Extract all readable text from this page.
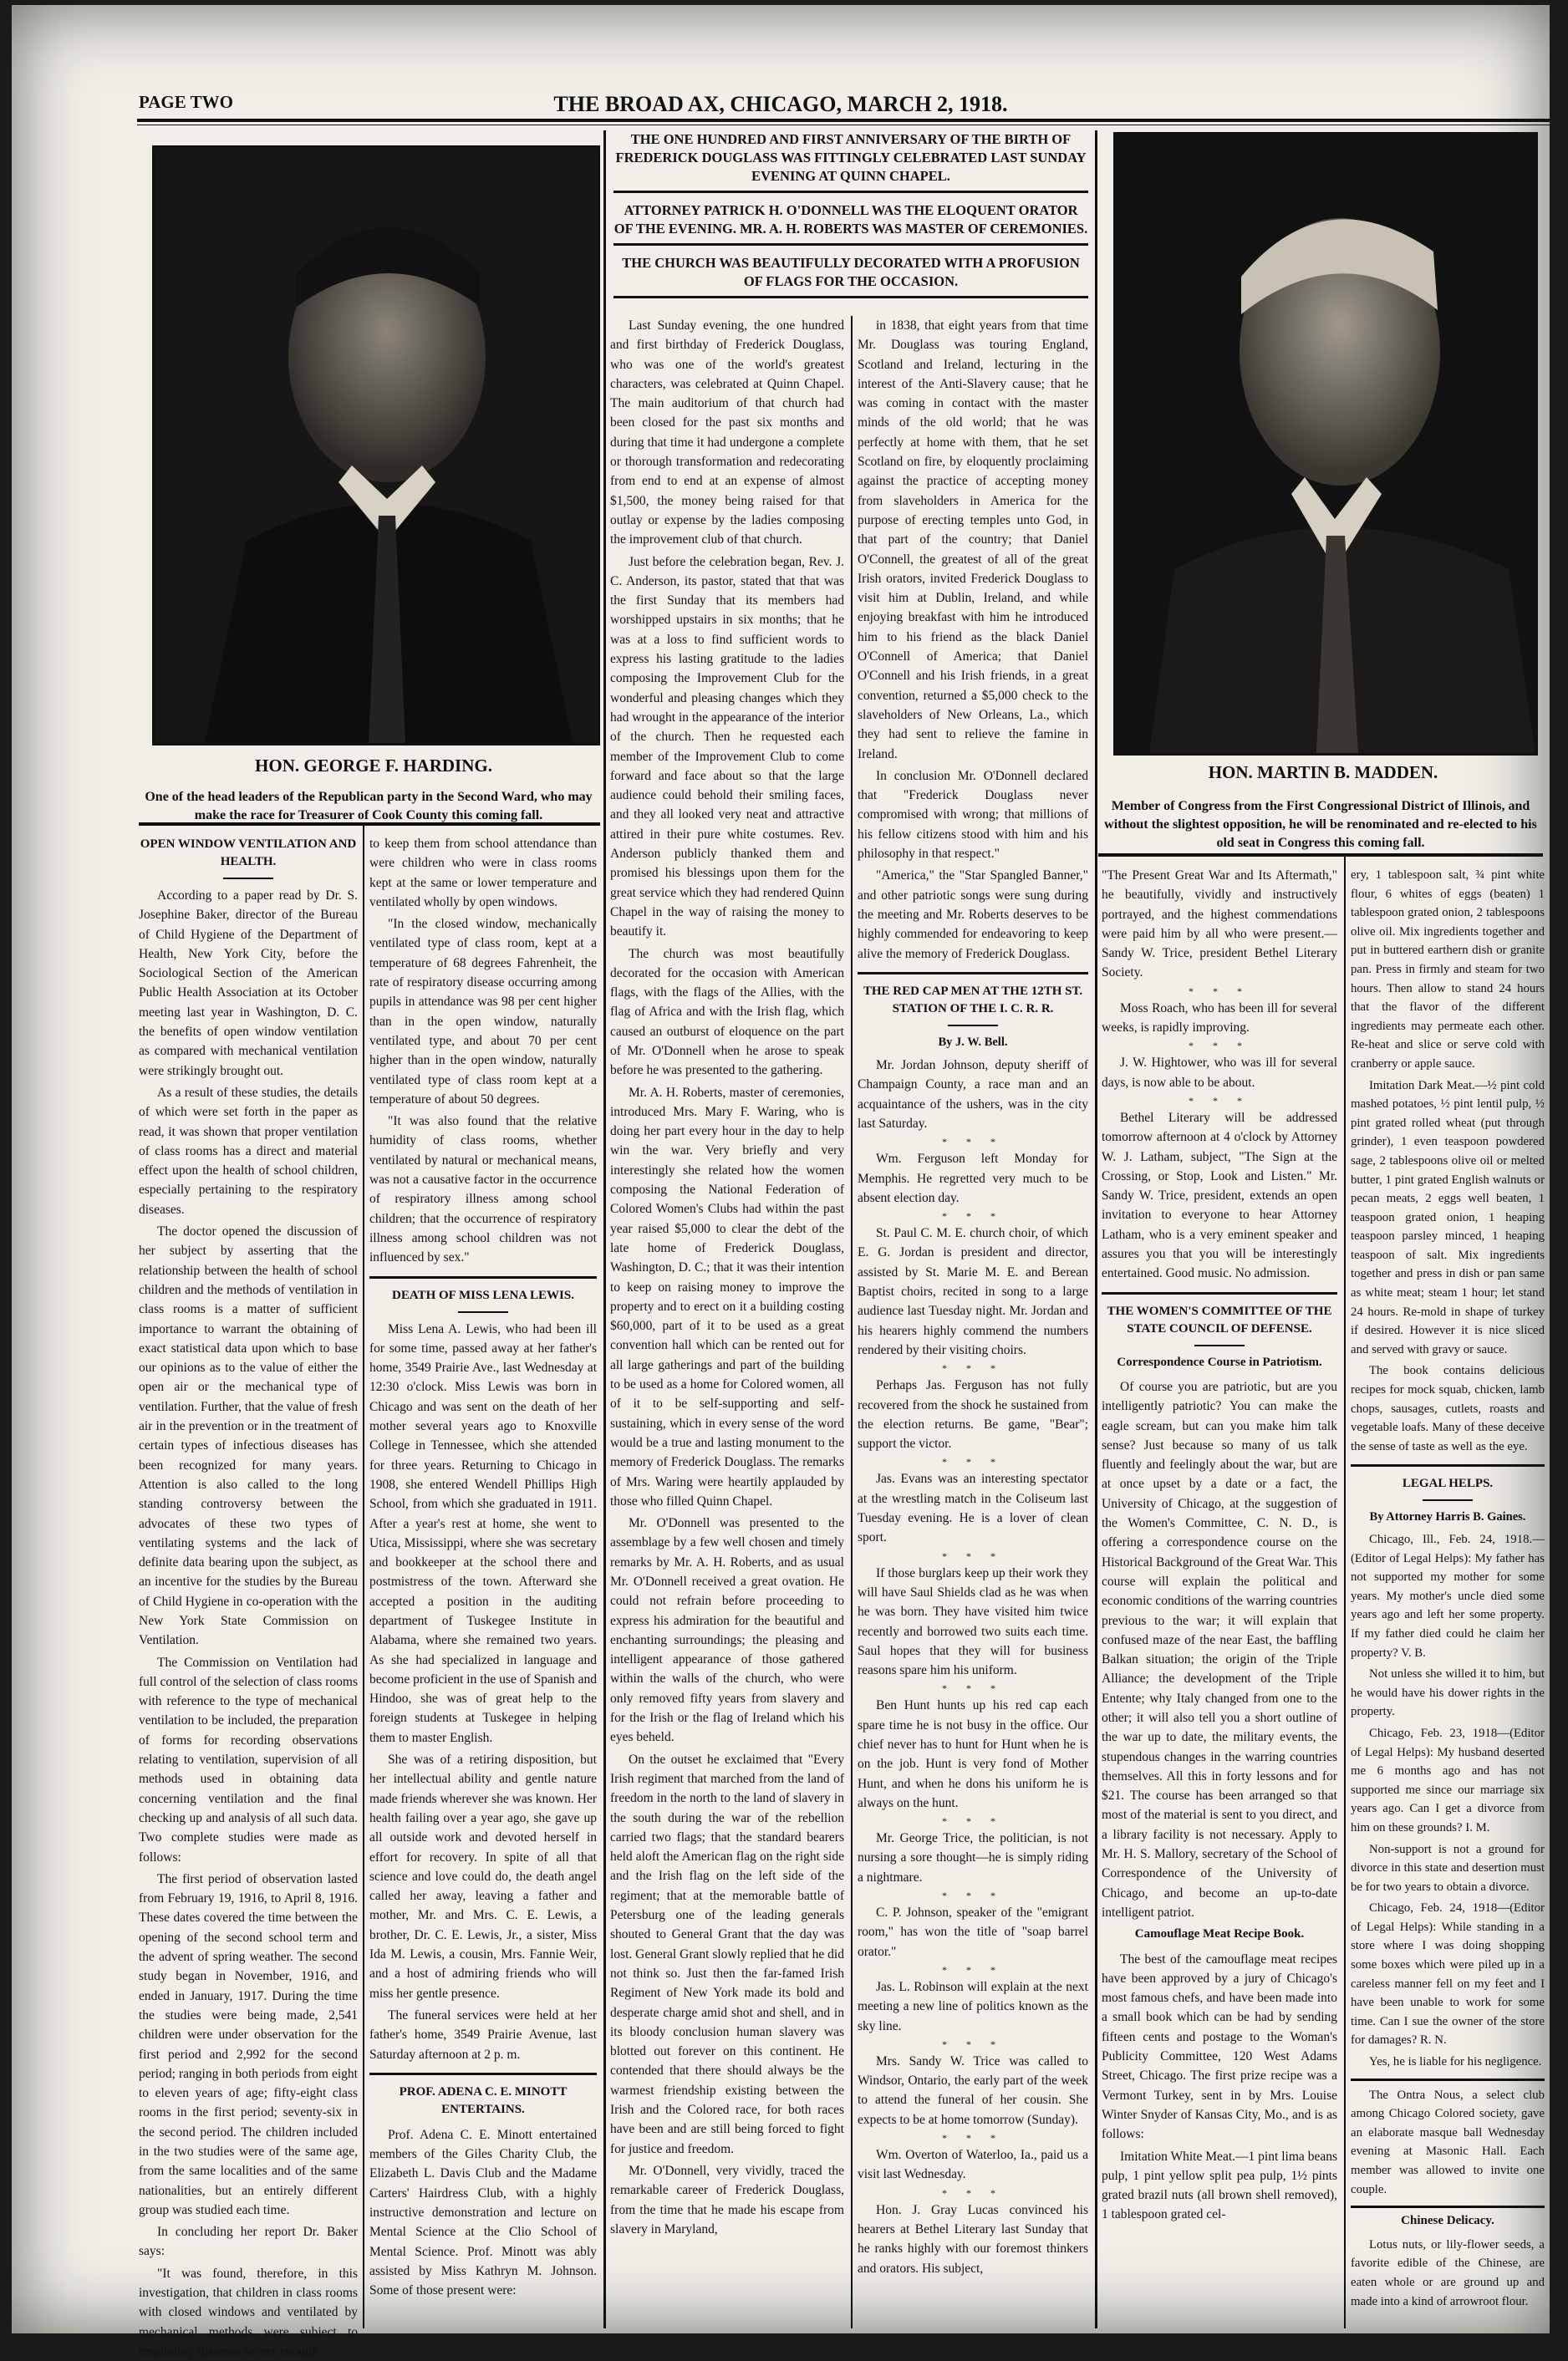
PAGE TWO	THE BROAD AX, CHICAGO, MARCH 2, 1918.
HON. GEORGE F. HARDING.
One of the head leaders of the Republican party in the Second Ward, who may make the race for Treasurer of Cook County this coming fall.
HON. MARTIN B. MADDEN.
Member of Congress from the First Congressional District of Illinois, and without the slightest opposition, he will be renominated and re-elected to his old seat in Congress this coming fall.
THE ONE HUNDRED AND FIRST ANNIVERSARY OF THE BIRTH OF FREDERICK DOUGLASS WAS FITTINGLY CELEBRATED LAST SUNDAY EVENING AT QUINN CHAPEL.
ATTORNEY PATRICK H. O'DONNELL WAS THE ELOQUENT ORATOR OF THE EVENING. MR. A. H. ROBERTS WAS MASTER OF CEREMONIES.
THE CHURCH WAS BEAUTIFULLY DECORATED WITH A PROFUSION OF FLAGS FOR THE OCCASION.

Last Sunday evening, the one hundred and first birthday of Frederick Douglass, who was one of the world's greatest characters, was celebrated at Quinn Chapel. The main auditorium of that church had been closed for the past six months and during that time it had undergone a complete or thorough transformation and redecorating from end to end at an expense of almost $1,500, the money being raised for that outlay or expense by the ladies composing the improvement club of that church.

Just before the celebration began, Rev. J. C. Anderson, its pastor, stated that that was the first Sunday that its members had worshipped upstairs in six months; that he was at a loss to find sufficient words to express his lasting gratitude to the ladies composing the Improvement Club for the wonderful and pleasing changes which they had wrought in the appearance of the interior of the church. Then he requested each member of the Improvement Club to come forward and face about so that the large audience could behold their smiling faces, and they all looked very neat and attractive attired in their pure white costumes. Rev. Anderson publicly thanked them and promised his blessings upon them for the great service which they had rendered Quinn Chapel in the way of raising the money to beautify it.

The church was most beautifully decorated for the occasion with American flags, with the flags of the Allies, with the flag of Africa and with the Irish flag, which caused an outburst of eloquence on the part of Mr. O'Donnell when he arose to speak before he was presented to the gathering.

Mr. A. H. Roberts, master of ceremonies, introduced Mrs. Mary F. Waring, who is doing her part every hour in the day to help win the war. Very briefly and very interestingly she related how the women composing the National Federation of Colored Women's Clubs had within the past year raised $5,000 to clear the debt of the late home of Frederick Douglass, Washington, D. C.; that it was their intention to keep on raising money to improve the property and to erect on it a building costing $60,000, part of it to be used as a great convention hall which can be rented out for all large gatherings and part of the building to be used as a home for Colored women, all of it to be self-supporting and self-sustaining, which in every sense of the word would be a true and lasting monument to the memory of Frederick Douglass. The remarks of Mrs. Waring were heartily applauded by those who filled Quinn Chapel.

Mr. O'Donnell was presented to the assemblage by a few well chosen and timely remarks by Mr. A. H. Roberts, and as usual Mr. O'Donnell received a great ovation. He could not refrain before proceeding to express his admiration for the beautiful and enchanting surroundings; the pleasing and intelligent appearance of those gathered within the walls of the church, who were only removed fifty years from slavery and for the Irish or the flag of Ireland which his eyes beheld.

On the outset he exclaimed that "Every Irish regiment that marched from the land of freedom in the north to the land of slavery in the south during the war of the rebellion carried two flags; that the standard bearers held aloft the American flag on the right side and the Irish flag on the left side of the regiment; that at the memorable battle of Petersburg one of the leading generals shouted to General Grant that the day was lost. General Grant slowly replied that he did not think so. Just then the far-famed Irish Regiment of New York made its bold and desperate charge amid shot and shell, and in its bloody conclusion human slavery was blotted out forever on this continent. He contended that there should always be the warmest friendship existing between the Irish and the Colored race, for both races have been and are still being forced to fight for justice and freedom.

Mr. O'Donnell, very vividly, traced the remarkable career of Frederick Douglass, from the time that he made his escape from slavery in Maryland,

in 1838, that eight years from that time Mr. Douglass was touring England, Scotland and Ireland, lecturing in the interest of the Anti-Slavery cause; that he was coming in contact with the master minds of the old world; that he was perfectly at home with them, that he set Scotland on fire, by eloquently proclaiming against the practice of accepting money from slaveholders in America for the purpose of erecting temples unto God, in that part of the country; that Daniel O'Connell, the greatest of all of the great Irish orators, invited Frederick Douglass to visit him at Dublin, Ireland, and while enjoying breakfast with him he introduced him to his friend as the black Daniel O'Connell of America; that Daniel O'Connell and his Irish friends, in a great convention, returned a $5,000 check to the slaveholders of New Orleans, La., which they had sent to relieve the famine in Ireland.

In conclusion Mr. O'Donnell declared that "Frederick Douglass never compromised with wrong; that millions of his fellow citizens stood with him and his philosophy in that respect."

"America," the "Star Spangled Banner," and other patriotic songs were sung during the meeting and Mr. Roberts deserves to be highly commended for endeavoring to keep alive the memory of Frederick Douglass.

THE RED CAP MEN AT THE 12TH ST. STATION OF THE I. C. R. R.
By J. W. Bell.

Mr. Jordan Johnson, deputy sheriff of Champaign County, a race man and an acquaintance of the ushers, was in the city last Saturday.

* * *

Wm. Ferguson left Monday for Memphis. He regretted very much to be absent election day.

* * *

St. Paul C. M. E. church choir, of which E. G. Jordan is president and director, assisted by St. Marie M. E. and Berean Baptist choirs, recited in song to a large audience last Tuesday night. Mr. Jordan and his hearers highly commend the numbers rendered by their visiting choirs.

* * *

Perhaps Jas. Ferguson has not fully recovered from the shock he sustained from the election returns. Be game, "Bear"; support the victor.

* * *

Jas. Evans was an interesting spectator at the wrestling match in the Coliseum last Tuesday evening. He is a lover of clean sport.

* * *

If those burglars keep up their work they will have Saul Shields clad as he was when he was born. They have visited him twice recently and borrowed two suits each time. Saul hopes that they will for business reasons spare him his uniform.

* * *

Ben Hunt hunts up his red cap each spare time he is not busy in the office. Our chief never has to hunt for Hunt when he is on the job. Hunt is very fond of Mother Hunt, and when he dons his uniform he is always on the hunt.

* * *

Mr. George Trice, the politician, is not nursing a sore thought—he is simply riding a nightmare.

* * *

C. P. Johnson, speaker of the "emigrant room," has won the title of "soap barrel orator."

* * *

Jas. L. Robinson will explain at the next meeting a new line of politics known as the sky line.

* * *

Mrs. Sandy W. Trice was called to Windsor, Ontario, the early part of the week to attend the funeral of her cousin. She expects to be at home tomorrow (Sunday).

* * *

Wm. Overton of Waterloo, Ia., paid us a visit last Wednesday.

* * *

Hon. J. Gray Lucas convinced his hearers at Bethel Literary last Sunday that he ranks highly with our foremost thinkers and orators. His subject,

OPEN WINDOW VENTILATION AND HEALTH.

According to a paper read by Dr. S. Josephine Baker, director of the Bureau of Child Hygiene of the Department of Health, New York City, before the Sociological Section of the American Public Health Association at its October meeting last year in Washington, D. C. the benefits of open window ventilation as compared with mechanical ventilation were strikingly brought out.

As a result of these studies, the details of which were set forth in the paper as read, it was shown that proper ventilation of class rooms has a direct and material effect upon the health of school children, especially pertaining to the respiratory diseases.

The doctor opened the discussion of her subject by asserting that the relationship between the health of school children and the methods of ventilation in class rooms is a matter of sufficient importance to warrant the obtaining of exact statistical data upon which to base our opinions as to the value of either the open air or the mechanical type of ventilation. Further, that the value of fresh air in the prevention or in the treatment of certain types of infectious diseases has been recognized for many years. Attention is also called to the long standing controversy between the advocates of these two types of ventilating systems and the lack of definite data bearing upon the subject, as an incentive for the studies by the Bureau of Child Hygiene in co-operation with the New York State Commission on Ventilation.

The Commission on Ventilation had full control of the selection of class rooms with reference to the type of mechanical ventilation to be included, the preparation of forms for recording observations relating to ventilation, supervision of all methods used in obtaining data concerning ventilation and the final checking up and analysis of all such data. Two complete studies were made as follows:

The first period of observation lasted from February 19, 1916, to April 8, 1916. These dates covered the time between the opening of the second school term and the advent of spring weather. The second study began in November, 1916, and ended in January, 1917. During the time the studies were being made, 2,541 children were under observation for the first period and 2,992 for the second period; ranging in both periods from eight to eleven years of age; fifty-eight class rooms in the first period; seventy-six in the second period. The children included in the two studies were of the same age, from the same localities and of the same nationalities, but an entirely different group was studied each time.

In concluding her report Dr. Baker says:

"It was found, therefore, in this investigation, that children in class rooms with closed windows and ventilated by mechanical methods were subject to respiratory diseases severe enough

to keep them from school attendance than were children who were in class rooms kept at the same or lower temperature and ventilated wholly by open windows.

"In the closed window, mechanically ventilated type of class room, kept at a temperature of 68 degrees Fahrenheit, the rate of respiratory disease occurring among pupils in attendance was 98 per cent higher than in the open window, naturally ventilated type, and about 70 per cent higher than in the open window, naturally ventilated type of class room kept at a temperature of about 50 degrees.

"It was also found that the relative humidity of class rooms, whether ventilated by natural or mechanical means, was not a causative factor in the occurrence of respiratory illness among school children; that the occurrence of respiratory illness among school children was not influenced by sex."

DEATH OF MISS LENA LEWIS.

Miss Lena A. Lewis, who had been ill for some time, passed away at her father's home, 3549 Prairie Ave., last Wednesday at 12:30 o'clock. Miss Lewis was born in Chicago and was sent on the death of her mother several years ago to Knoxville College in Tennessee, which she attended for three years. Returning to Chicago in 1908, she entered Wendell Phillips High School, from which she graduated in 1911. After a year's rest at home, she went to Utica, Mississippi, where she was secretary and bookkeeper at the school there and postmistress of the town. Afterward she accepted a position in the auditing department of Tuskegee Institute in Alabama, where she remained two years. As she had specialized in language and become proficient in the use of Spanish and Hindoo, she was of great help to the foreign students at Tuskegee in helping them to master English.

She was of a retiring disposition, but her intellectual ability and gentle nature made friends wherever she was known. Her health failing over a year ago, she gave up all outside work and devoted herself in effort for recovery. In spite of all that science and love could do, the death angel called her away, leaving a father and mother, Mr. and Mrs. C. E. Lewis, a brother, Dr. C. E. Lewis, Jr., a sister, Miss Ida M. Lewis, a cousin, Mrs. Fannie Weir, and a host of admiring friends who will miss her gentle presence.

The funeral services were held at her father's home, 3549 Prairie Avenue, last Saturday afternoon at 2 p. m.

PROF. ADENA C. E. MINOTT ENTERTAINS.

Prof. Adena C. E. Minott entertained members of the Giles Charity Club, the Elizabeth L. Davis Club and the Madame Carters' Hairdress Club, with a highly instructive demonstration and lecture on Mental Science at the Clio School of Mental Science. Prof. Minott was ably assisted by Miss Kathryn M. Johnson. Some of those present were:

"The Present Great War and Its Aftermath," he beautifully, vividly and instructively portrayed, and the highest commendations were paid him by all who were present.—Sandy W. Trice, president Bethel Literary Society.

* * *

Moss Roach, who has been ill for several weeks, is rapidly improving.

* * *

J. W. Hightower, who was ill for several days, is now able to be about.

* * *

Bethel Literary will be addressed tomorrow afternoon at 4 o'clock by Attorney W. J. Latham, subject, "The Sign at the Crossing, or Stop, Look and Listen." Mr. Sandy W. Trice, president, extends an open invitation to everyone to hear Attorney Latham, who is a very eminent speaker and assures you that you will be interestingly entertained. Good music. No admission.

THE WOMEN'S COMMITTEE OF THE STATE COUNCIL OF DEFENSE.
Correspondence Course in Patriotism.

Of course you are patriotic, but are you intelligently patriotic? You can make the eagle scream, but can you make him talk sense? Just because so many of us talk fluently and feelingly about the war, but are at once upset by a date or a fact, the University of Chicago, at the suggestion of the Women's Committee, C. N. D., is offering a correspondence course on the Historical Background of the Great War. This course will explain the political and economic conditions of the warring countries previous to the war; it will explain that confused maze of the near East, the baffling Balkan situation; the origin of the Triple Alliance; the development of the Triple Entente; why Italy changed from one to the other; it will also tell you a short outline of the war up to date, the military events, the stupendous changes in the warring countries themselves. All this in forty lessons and for $21. The course has been arranged so that most of the material is sent to you direct, and a library facility is not necessary. Apply to Mr. H. S. Mallory, secretary of the School of Correspondence of the University of Chicago, and become an up-to-date intelligent patriot.

Camouflage Meat Recipe Book.

The best of the camouflage meat recipes have been approved by a jury of Chicago's most famous chefs, and have been made into a small book which can be had by sending fifteen cents and postage to the Woman's Publicity Committee, 120 West Adams Street, Chicago. The first prize recipe was a Vermont Turkey, sent in by Mrs. Louise Winter Snyder of Kansas City, Mo., and is as follows:

Imitation White Meat.—1 pint lima beans pulp, 1 pint yellow split pea pulp, 1½ pints grated brazil nuts (all brown shell removed), 1 tablespoon grated cel-

ery, 1 tablespoon salt, ¾ pint white flour, 6 whites of eggs (beaten) 1 tablespoon grated onion, 2 tablespoons olive oil. Mix ingredients together and put in buttered earthern dish or granite pan. Press in firmly and steam for two hours. Then allow to stand 24 hours that the flavor of the different ingredients may permeate each other. Re-heat and slice or serve cold with cranberry or apple sauce.

Imitation Dark Meat.—½ pint cold mashed potatoes, ½ pint lentil pulp, ½ pint grated rolled wheat (put through grinder), 1 even teaspoon powdered sage, 2 tablespoons olive oil or melted butter, 1 pint grated English walnuts or pecan meats, 2 eggs well beaten, 1 teaspoon grated onion, 1 heaping teaspoon parsley minced, 1 heaping teaspoon of salt. Mix ingredients together and press in dish or pan same as white meat; steam 1 hour; let stand 24 hours. Re-mold in shape of turkey if desired. However it is nice sliced and served with gravy or sauce.

The book contains delicious recipes for mock squab, chicken, lamb chops, sausages, cutlets, roasts and vegetable loafs. Many of these deceive the sense of taste as well as the eye.

LEGAL HELPS.
By Attorney Harris B. Gaines.

Chicago, Ill., Feb. 24, 1918.—(Editor of Legal Helps): My father has not supported my mother for some years. My mother's uncle died some years ago and left her some property. If my father died could he claim her property? V. B.

Not unless she willed it to him, but he would have his dower rights in the property.

Chicago, Feb. 23, 1918—(Editor of Legal Helps): My husband deserted me 6 months ago and has not supported me since our marriage six years ago. Can I get a divorce from him on these grounds? I. M.

Non-support is not a ground for divorce in this state and desertion must be for two years to obtain a divorce.

Chicago, Feb. 24, 1918—(Editor of Legal Helps): While standing in a store where I was doing shopping some boxes which were piled up in a careless manner fell on my feet and I have been unable to work for some time. Can I sue the owner of the store for damages? R. N.

Yes, he is liable for his negligence.

The Ontra Nous, a select club among Chicago Colored society, gave an elaborate masque ball Wednesday evening at Masonic Hall. Each member was allowed to invite one couple.

Chinese Delicacy.

Lotus nuts, or lily-flower seeds, a favorite edible of the Chinese, are eaten whole or are ground up and made into a kind of arrowroot flour.
